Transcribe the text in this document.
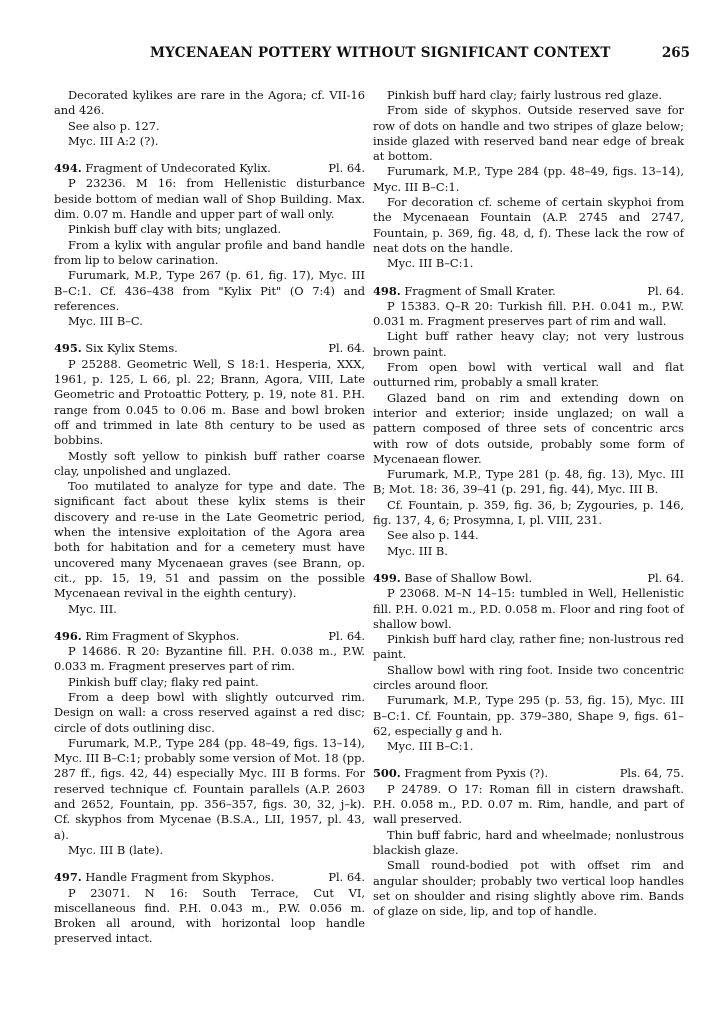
MYCENAEAN POTTERY WITHOUT SIGNIFICANT CONTEXT	265

Decorated kylikes are rare in the Agora; cf. VII-16 and 426.

See also p. 127.

Myc. III A:2 (?).

494. Fragment of Undecorated Kylix.	Pl. 64.

P 23236. M 16: from Hellenistic disturbance beside bottom of median wall of Shop Building. Max. dim. 0.07 m. Handle and upper part of wall only.

Pinkish buff clay with bits; unglazed.

From a kylix with angular profile and band handle from lip to below carination.

Furumark, M.P., Type 267 (p. 61, fig. 17), Myc. III B–C:1. Cf. 436–438 from "Kylix Pit" (O 7:4) and references.

Myc. III B–C.

495. Six Kylix Stems.	Pl. 64.

P 25288. Geometric Well, S 18:1. Hesperia, XXX, 1961, p. 125, L 66, pl. 22; Brann, Agora, VIII, Late Geometric and Protoattic Pottery, p. 19, note 81. P.H. range from 0.045 to 0.06 m. Base and bowl broken off and trimmed in late 8th century to be used as bobbins.

Mostly soft yellow to pinkish buff rather coarse clay, unpolished and unglazed.

Too mutilated to analyze for type and date. The significant fact about these kylix stems is their discovery and re-use in the Late Geometric period, when the intensive exploitation of the Agora area both for habitation and for a cemetery must have uncovered many Mycenaean graves (see Brann, op. cit., pp. 15, 19, 51 and passim on the possible Mycenaean revival in the eighth century).

Myc. III.

496. Rim Fragment of Skyphos.	Pl. 64.

P 14686. R 20: Byzantine fill. P.H. 0.038 m., P.W. 0.033 m. Fragment preserves part of rim.

Pinkish buff clay; flaky red paint.

From a deep bowl with slightly outcurved rim. Design on wall: a cross reserved against a red disc; circle of dots outlining disc.

Furumark, M.P., Type 284 (pp. 48–49, figs. 13–14), Myc. III B–C:1; probably some version of Mot. 18 (pp. 287 ff., figs. 42, 44) especially Myc. III B forms. For reserved technique cf. Fountain parallels (A.P. 2603 and 2652, Fountain, pp. 356–357, figs. 30, 32, j–k). Cf. skyphos from Mycenae (B.S.A., LII, 1957, pl. 43, a).

Myc. III B (late).

497. Handle Fragment from Skyphos.	Pl. 64.

P 23071. N 16: South Terrace, Cut VI, miscellaneous find. P.H. 0.043 m., P.W. 0.056 m. Broken all around, with horizontal loop handle preserved intact.

Pinkish buff hard clay; fairly lustrous red glaze.

From side of skyphos. Outside reserved save for row of dots on handle and two stripes of glaze below; inside glazed with reserved band near edge of break at bottom.

Furumark, M.P., Type 284 (pp. 48–49, figs. 13–14), Myc. III B–C:1.

For decoration cf. scheme of certain skyphoi from the Mycenaean Fountain (A.P. 2745 and 2747, Fountain, p. 369, fig. 48, d, f). These lack the row of neat dots on the handle.

Myc. III B–C:1.

498. Fragment of Small Krater.	Pl. 64.

P 15383. Q–R 20: Turkish fill. P.H. 0.041 m., P.W. 0.031 m. Fragment preserves part of rim and wall.

Light buff rather heavy clay; not very lustrous brown paint.

From open bowl with vertical wall and flat outturned rim, probably a small krater.

Glazed band on rim and extending down on interior and exterior; inside unglazed; on wall a pattern composed of three sets of concentric arcs with row of dots outside, probably some form of Mycenaean flower.

Furumark, M.P., Type 281 (p. 48, fig. 13), Myc. III B; Mot. 18: 36, 39–41 (p. 291, fig. 44), Myc. III B.

Cf. Fountain, p. 359, fig. 36, b; Zygouries, p. 146, fig. 137, 4, 6; Prosymna, I, pl. VIII, 231.

See also p. 144.

Myc. III B.

499. Base of Shallow Bowl.	Pl. 64.

P 23068. M–N 14–15: tumbled in Well, Hellenistic fill. P.H. 0.021 m., P.D. 0.058 m. Floor and ring foot of shallow bowl.

Pinkish buff hard clay, rather fine; non-lustrous red paint.

Shallow bowl with ring foot. Inside two concentric circles around floor.

Furumark, M.P., Type 295 (p. 53, fig. 15), Myc. III B–C:1. Cf. Fountain, pp. 379–380, Shape 9, figs. 61–62, especially g and h.

Myc. III B–C:1.

500. Fragment from Pyxis (?).	Pls. 64, 75.

P 24789. O 17: Roman fill in cistern drawshaft. P.H. 0.058 m., P.D. 0.07 m. Rim, handle, and part of wall preserved.

Thin buff fabric, hard and wheelmade; nonlustrous blackish glaze.

Small round-bodied pot with offset rim and angular shoulder; probably two vertical loop handles set on shoulder and rising slightly above rim. Bands of glaze on side, lip, and top of handle.
